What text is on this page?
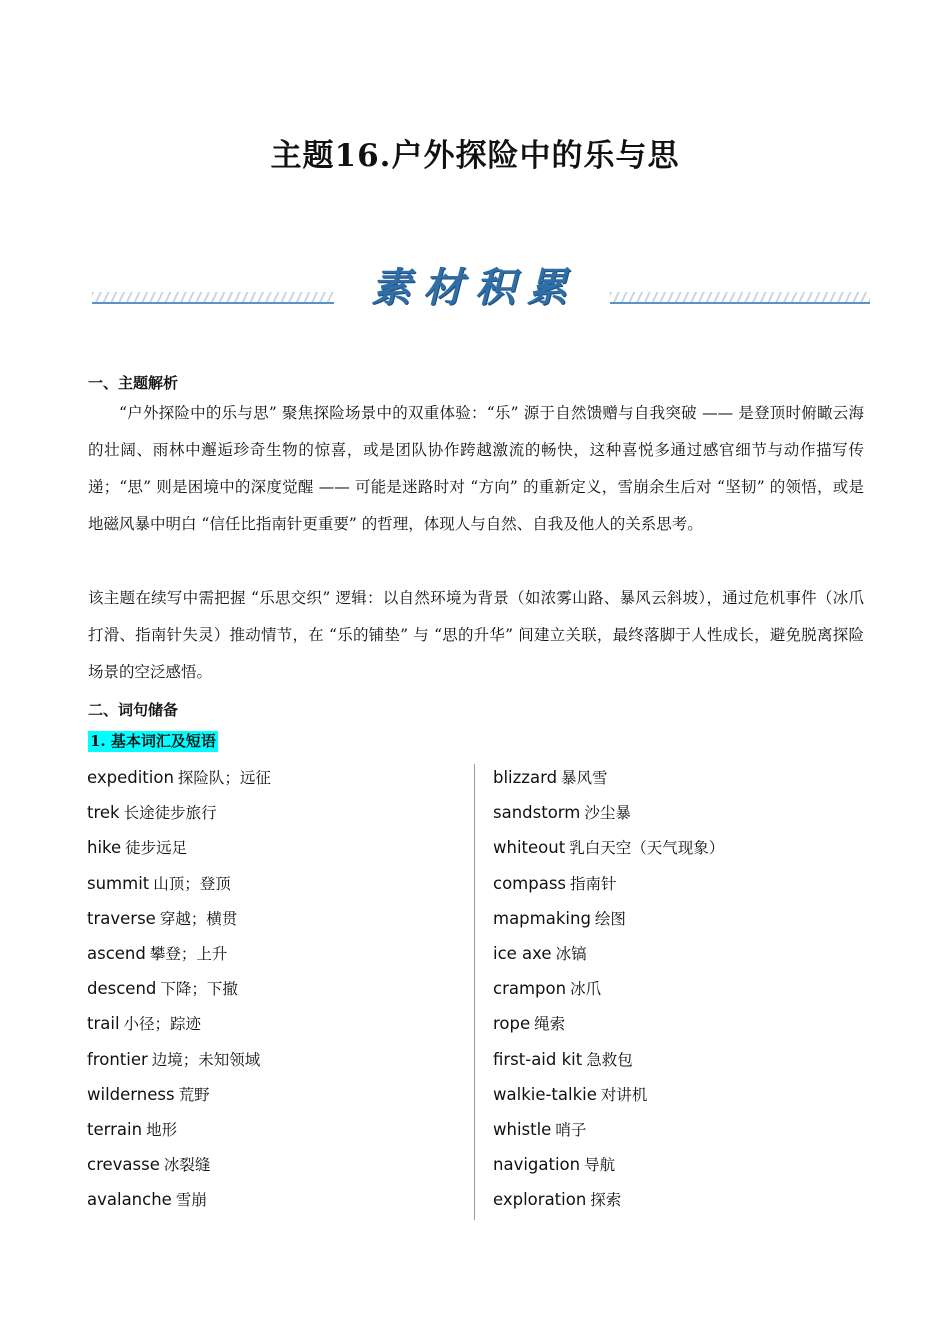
主题16.户外探险中的乐与思
素材积累
一、主题解析
“户外探险中的乐与思” 聚焦探险场景中的双重体验：“乐” 源于自然馈赠与自我突破 —— 是登顶时俯瞰云海的壮阔、雨林中邂逅珍奇生物的惊喜，或是团队协作跨越激流的畅快，这种喜悦多通过感官细节与动作描写传递；“思” 则是困境中的深度觉醒 —— 可能是迷路时对 “方向” 的重新定义，雪崩余生后对 “坚韧” 的领悟，或是地磁风暴中明白 “信任比指南针更重要” 的哲理，体现人与自然、自我及他人的关系思考。
该主题在续写中需把握 “乐思交织” 逻辑：以自然环境为背景（如浓雾山路、暴风云斜坡），通过危机事件（冰爪打滑、指南针失灵）推动情节，在 “乐的铺垫” 与 “思的升华” 间建立关联，最终落脚于人性成长，避免脱离探险场景的空泛感悟。
二、词句储备
1. 基本词汇及短语
expedition 探险队；远征
trek 长途徒步旅行
hike 徒步远足
summit 山顶；登顶
traverse 穿越；横贯
ascend 攀登；上升
descend 下降；下撤
trail 小径；踪迹
frontier 边境；未知领域
wilderness 荒野
terrain 地形
crevasse 冰裂缝
avalanche 雪崩
blizzard 暴风雪
sandstorm 沙尘暴
whiteout 乳白天空（天气现象）
compass 指南针
mapmaking 绘图
ice axe 冰镐
crampon 冰爪
rope 绳索
first-aid kit 急救包
walkie-talkie 对讲机
whistle 哨子
navigation 导航
exploration 探索
